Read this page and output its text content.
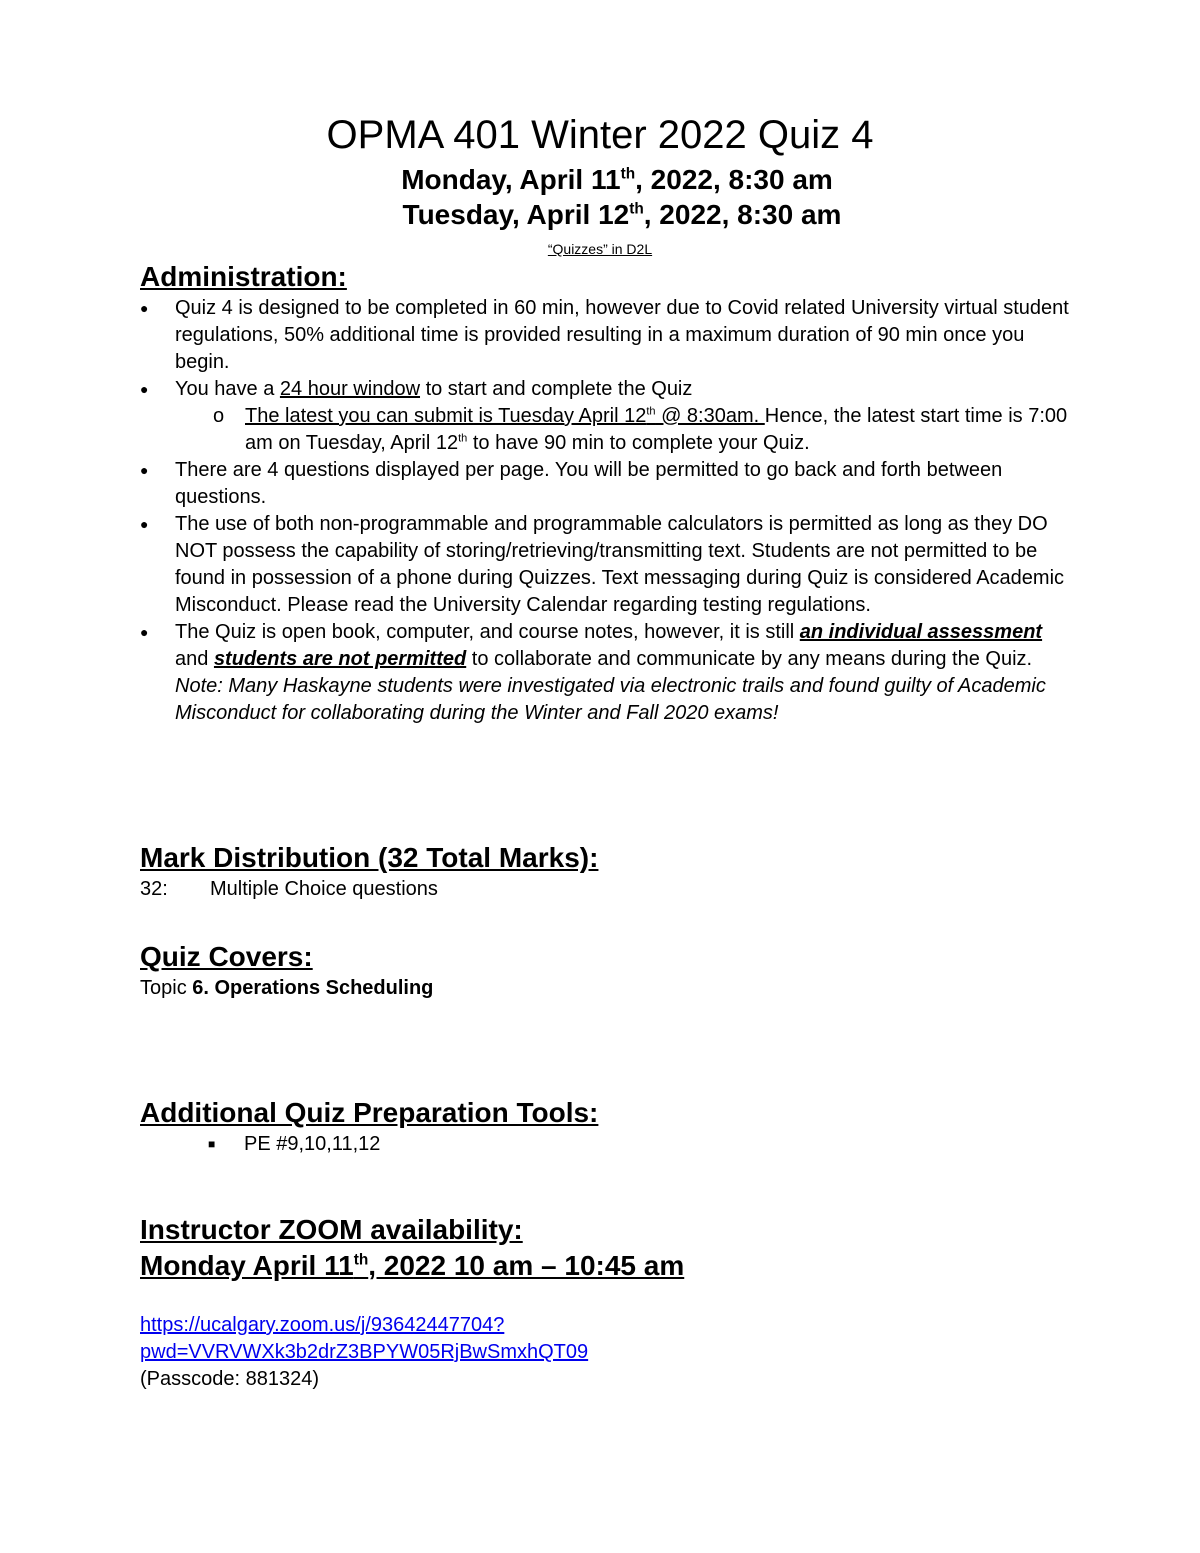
OPMA 401 Winter 2022 Quiz 4
Monday, April 11th, 2022, 8:30 am
Tuesday, April 12th, 2022, 8:30 am
“Quizzes” in D2L
Administration:
●	Quiz 4 is designed to be completed in 60 min, however due to Covid related University virtual student regulations, 50% additional time is provided resulting in a maximum duration of 90 min once you begin.
●	You have a 24 hour window to start and complete the Quiz
o The latest you can submit is Tuesday April 12th @ 8:30am. Hence, the latest start time is 7:00 am on Tuesday, April 12th to have 90 min to complete your Quiz.
●	There are 4 questions displayed per page. You will be permitted to go back and forth between questions.
●	The use of both non-programmable and programmable calculators is permitted as long as they DO NOT possess the capability of storing/retrieving/transmitting text. Students are not permitted to be found in possession of a phone during Quizzes. Text messaging during Quiz is considered Academic Misconduct. Please read the University Calendar regarding testing regulations.
●	The Quiz is open book, computer, and course notes, however, it is still an individual assessment and students are not permitted to collaborate and communicate by any means during the Quiz. Note: Many Haskayne students were investigated via electronic trails and found guilty of Academic Misconduct for collaborating during the Winter and Fall 2020 exams!
Mark Distribution (32 Total Marks):
32: Multiple Choice questions
Quiz Covers:
Topic 6. Operations Scheduling
Additional Quiz Preparation Tools:
■ PE #9,10,11,12
Instructor ZOOM availability:
Monday April 11th, 2022 10 am – 10:45 am
https://ucalgary.zoom.us/j/93642447704?
pwd=VVRVWXk3b2drZ3BPYW05RjBwSmxhQT09
(Passcode: 881324)
